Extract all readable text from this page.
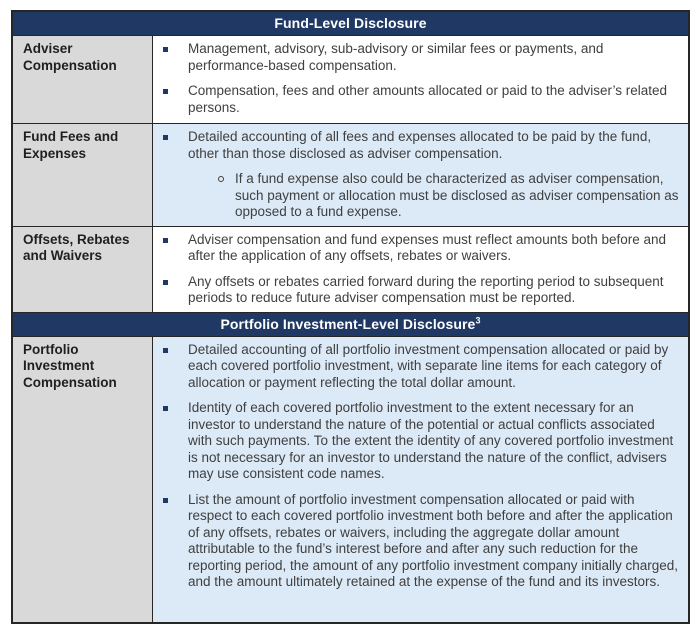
Fund-Level Disclosure
Adviser Compensation
Management, advisory, sub-advisory or similar fees or payments, and performance-based compensation.
Compensation, fees and other amounts allocated or paid to the adviser’s related persons.
Fund Fees and Expenses
Detailed accounting of all fees and expenses allocated to be paid by the fund, other than those disclosed as adviser compensation.
If a fund expense also could be characterized as adviser compensation, such payment or allocation must be disclosed as adviser compensation as opposed to a fund expense.
Offsets, Rebates and Waivers
Adviser compensation and fund expenses must reflect amounts both before and after the application of any offsets, rebates or waivers.
Any offsets or rebates carried forward during the reporting period to subsequent periods to reduce future adviser compensation must be reported.
Portfolio Investment-Level Disclosure$^3$
Portfolio Investment Compensation
Detailed accounting of all portfolio investment compensation allocated or paid by each covered portfolio investment, with separate line items for each category of allocation or payment reflecting the total dollar amount.
Identity of each covered portfolio investment to the extent necessary for an investor to understand the nature of the potential or actual conflicts associated with such payments. To the extent the identity of any covered portfolio investment is not necessary for an investor to understand the nature of the conflict, advisers may use consistent code names.
List the amount of portfolio investment compensation allocated or paid with respect to each covered portfolio investment both before and after the application of any offsets, rebates or waivers, including the aggregate dollar amount attributable to the fund’s interest before and after any such reduction for the reporting period, the amount of any portfolio investment company initially charged, and the amount ultimately retained at the expense of the fund and its investors.
